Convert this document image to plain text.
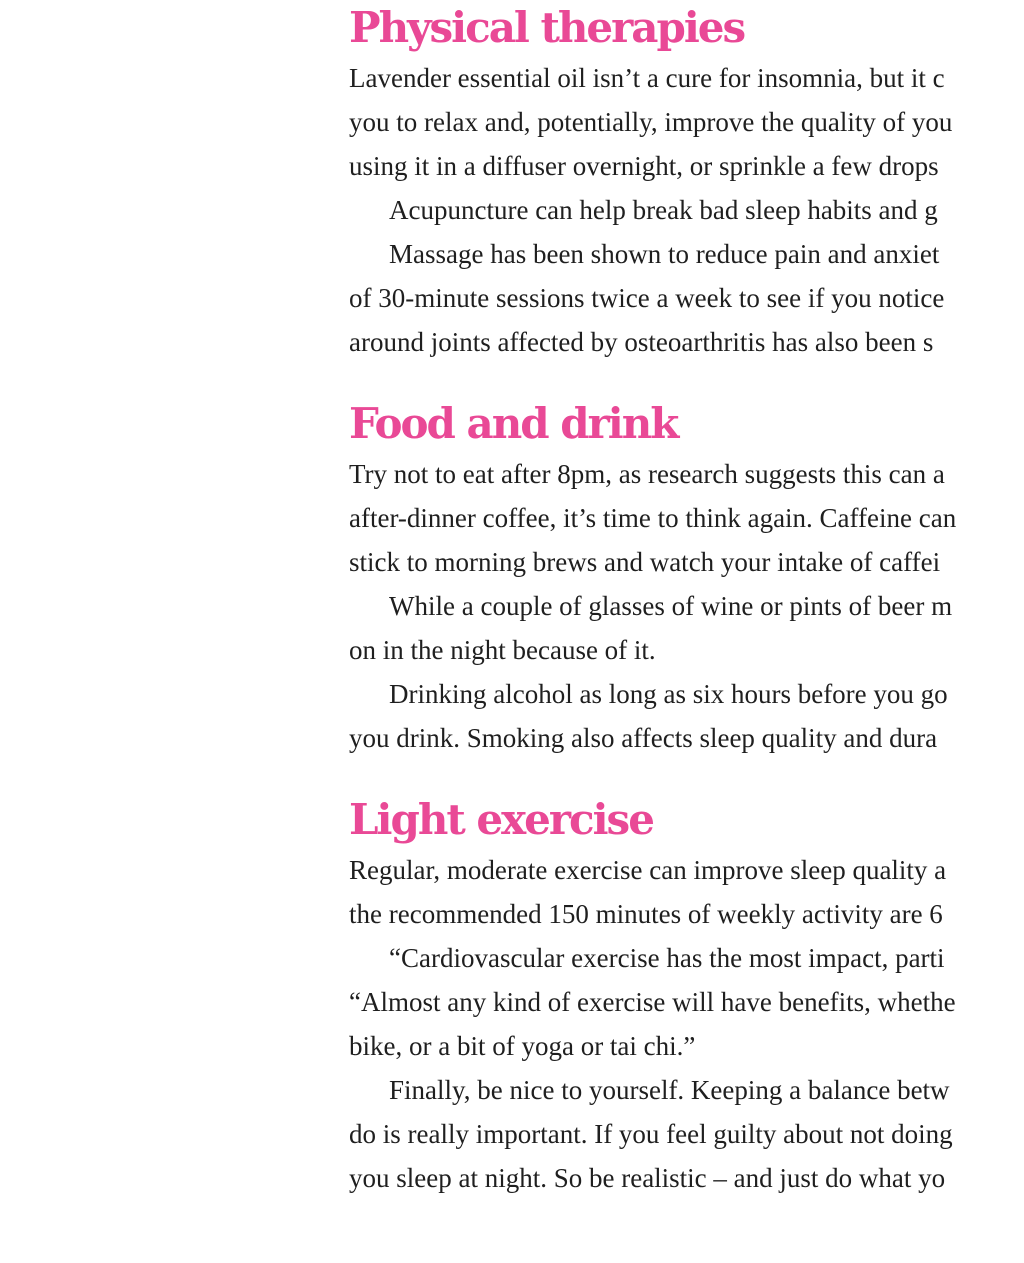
Physical therapies

Lavender essential oil isn’t a cure for insomnia, but it c

you to relax and, potentially, improve the quality of you

using it in a diffuser overnight, or sprinkle a few drops

Acupuncture can help break bad sleep habits and g

Massage has been shown to reduce pain and anxiet

of 30-minute sessions twice a week to see if you notice

around joints affected by osteoarthritis has also been s

Food and drink

Try not to eat after 8pm, as research suggests this can a

after-dinner coffee, it’s time to think again. Caffeine can

stick to morning brews and watch your intake of caffei

While a couple of glasses of wine or pints of beer m

on in the night because of it.

Drinking alcohol as long as six hours before you go

you drink. Smoking also affects sleep quality and dura

Light exercise

Regular, moderate exercise can improve sleep quality a

the recommended 150 minutes of weekly activity are 6

“Cardiovascular exercise has the most impact, parti

“Almost any kind of exercise will have benefits, whethe

bike, or a bit of yoga or tai chi.”

Finally, be nice to yourself. Keeping a balance betw

do is really important. If you feel guilty about not doing

you sleep at night. So be realistic – and just do what yo
